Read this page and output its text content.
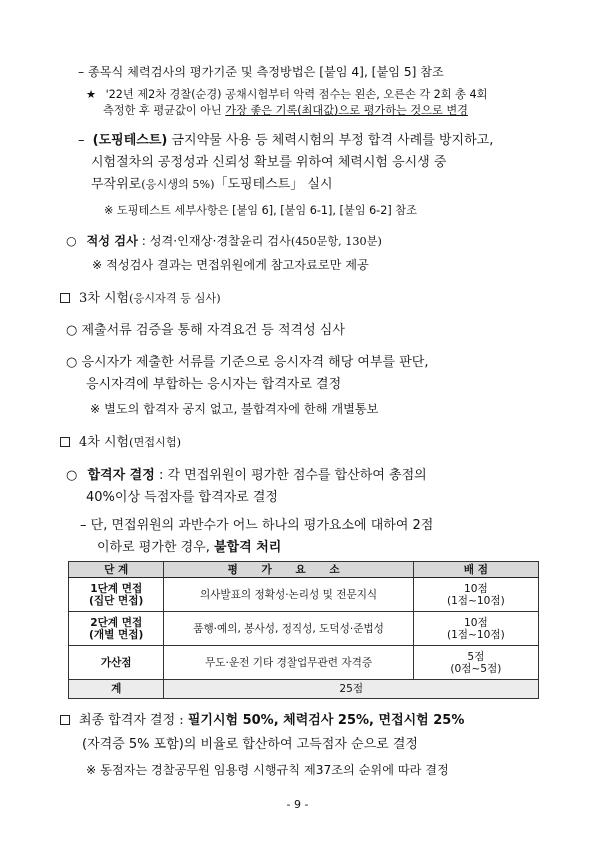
– 종목식 체력검사의 평가기준 및 측정방법은 [붙임 4], [붙임 5] 참조
★ '22년 제2차 경찰(순경) 공채시험부터 악력 점수는 왼손, 오른손 각 2회 총 4회
측정한 후 평균값이 아닌 가장 좋은 기록(최대값)으로 평가하는 것으로 변경
– (도핑테스트) 금지약물 사용 등 체력시험의 부정 합격 사례를 방지하고,
시험절차의 공정성과 신뢰성 확보를 위하여 체력시험 응시생 중
무작위로(응시생의 5%)「도핑테스트」 실시
※ 도핑테스트 세부사항은 [붙임 6], [붙임 6-1], [붙임 6-2] 참조
○ 적성 검사 : 성격·인재상·경찰윤리 검사(450문항, 130분)
※ 적성검사 결과는 면접위원에게 참고자료로만 제공
3차 시험(응시자격 등 심사)
○ 제출서류 검증을 통해 자격요건 등 적격성 심사
○ 응시자가 제출한 서류를 기준으로 응시자격 해당 여부를 판단,
응시자격에 부합하는 응시자는 합격자로 결정
※ 별도의 합격자 공지 없고, 불합격자에 한해 개별통보
4차 시험(면접시험)
○ 합격자 결정 : 각 면접위원이 평가한 점수를 합산하여 총점의
40%이상 득점자를 합격자로 결정
– 단, 면접위원의 과반수가 어느 하나의 평가요소에 대하여 2점
이하로 평가한 경우, 불합격 처리
단 계	평 가 요 소	배 점
1단계 면접
(집단 면접)	의사발표의 정확성·논리성 및 전문지식	10점
(1점~10점)
2단계 면접
(개별 면접)	품행·예의, 봉사성, 정직성, 도덕성·준법성	10점
(1점~10점)
가산점	무도·운전 기타 경찰업무관련 자격증	5점
(0점~5점)
계	25점	
최종 합격자 결정 : 필기시험 50%, 체력검사 25%, 면접시험 25%
(자격증 5% 포함)의 비율로 합산하여 고득점자 순으로 결정
※ 동점자는 경찰공무원 임용령 시행규칙 제37조의 순위에 따라 결정
- 9 -
